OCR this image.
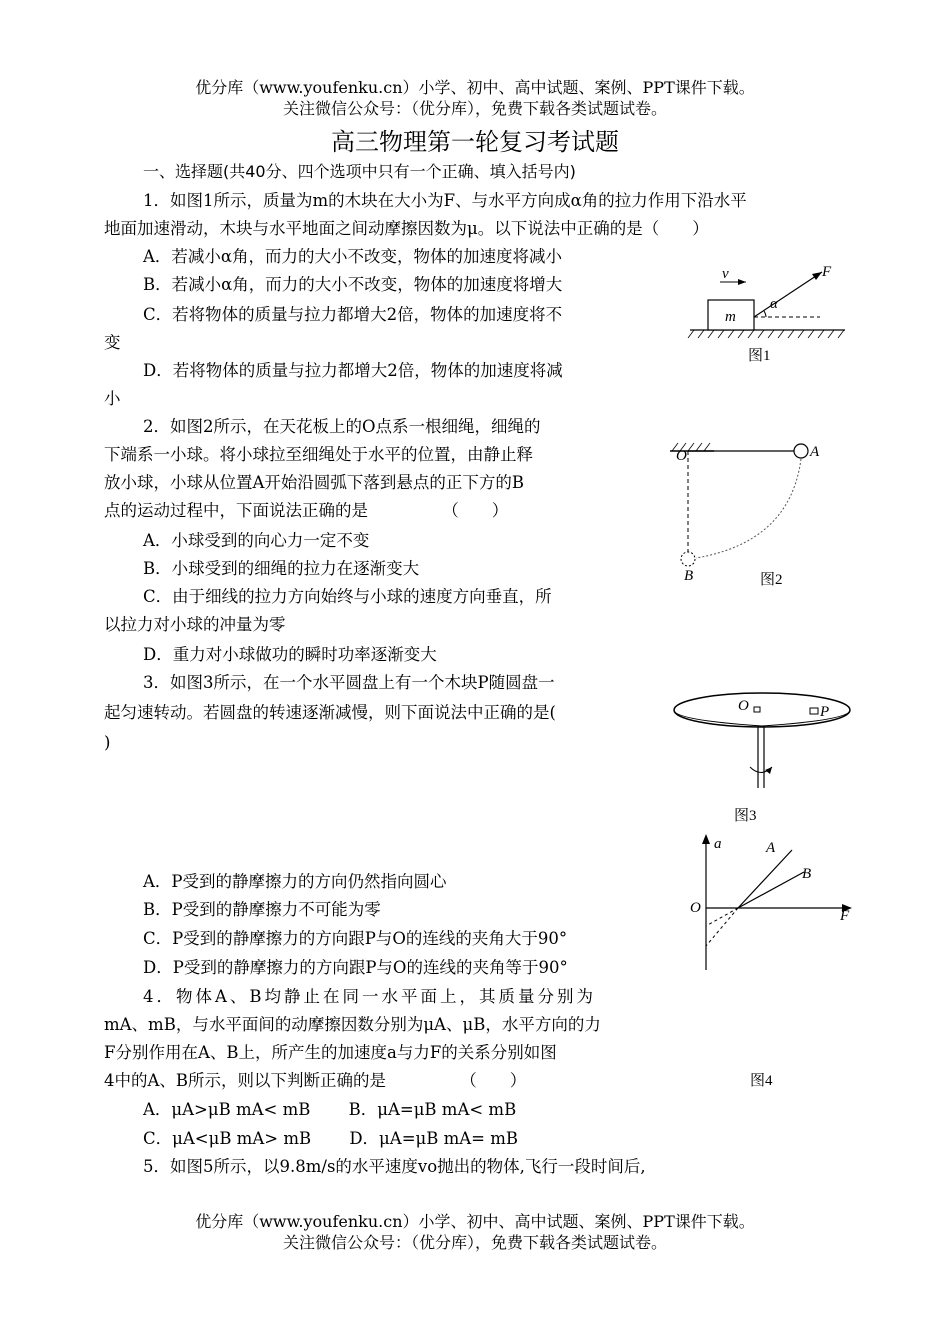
优分库（www.youfenku.cn）小学、初中、高中试题、案例、PPT课件下载。
关注微信公众号：（优分库），免费下载各类试题试卷。
高三物理第一轮复习考试题
一、选择题(共40分、四个选项中只有一个正确、填入括号内)
1．如图1所示，质量为m的木块在大小为F、与水平方向成α角的拉力作用下沿水平
地面加速滑动，木块与水平地面之间动摩擦因数为μ。以下说法中正确的是（　　）
A．若减小α角，而力的大小不改变，物体的加速度将减小
B．若减小α角，而力的大小不改变，物体的加速度将增大
C．若将物体的质量与拉力都增大2倍，物体的加速度将不
变
D．若将物体的质量与拉力都增大2倍，物体的加速度将减
小
v	F
α
m
图1
2．如图2所示，在天花板上的O点系一根细绳，细绳的
下端系一小球。将小球拉至细绳处于水平的位置，由静止释
放小球，小球从位置A开始沿圆弧下落到悬点的正下方的B
点的运动过程中，下面说法正确的是　　　　　（　　）
A．小球受到的向心力一定不变
B．小球受到的细绳的拉力在逐渐变大
C．由于细线的拉力方向始终与小球的速度方向垂直，所
以拉力对小球的冲量为零
D．重力对小球做功的瞬时功率逐渐变大
O	A
B	图2
3．如图3所示，在一个水平圆盘上有一个木块P随圆盘一
起匀速转动。若圆盘的转速逐渐减慢，则下面说法中正确的是(
)
A．P受到的静摩擦力的方向仍然指向圆心
B．P受到的静摩擦力不可能为零
C．P受到的静摩擦力的方向跟P与O的连线的夹角大于90°
D．P受到的静摩擦力的方向跟P与O的连线的夹角等于90°
O	P
图3
a
O	F
A
B
图4
4．物体A、B均静止在同一水平面上，其质量分别为
mA、mB，与水平面间的动摩擦因数分别为μA、μB，水平方向的力
F分别作用在A、B上，所产生的加速度a与力F的关系分别如图
4中的A、B所示，则以下判断正确的是　　　　　（　　）
A．μA>μB mA< mB　　 B．μA=μB mA< mB
C．μA<μB mA> mB　　 D．μA=μB mA= mB
5．如图5所示，以9.8m/s的水平速度vo抛出的物体,飞行一段时间后,
优分库（www.youfenku.cn）小学、初中、高中试题、案例、PPT课件下载。
关注微信公众号：（优分库），免费下载各类试题试卷。
